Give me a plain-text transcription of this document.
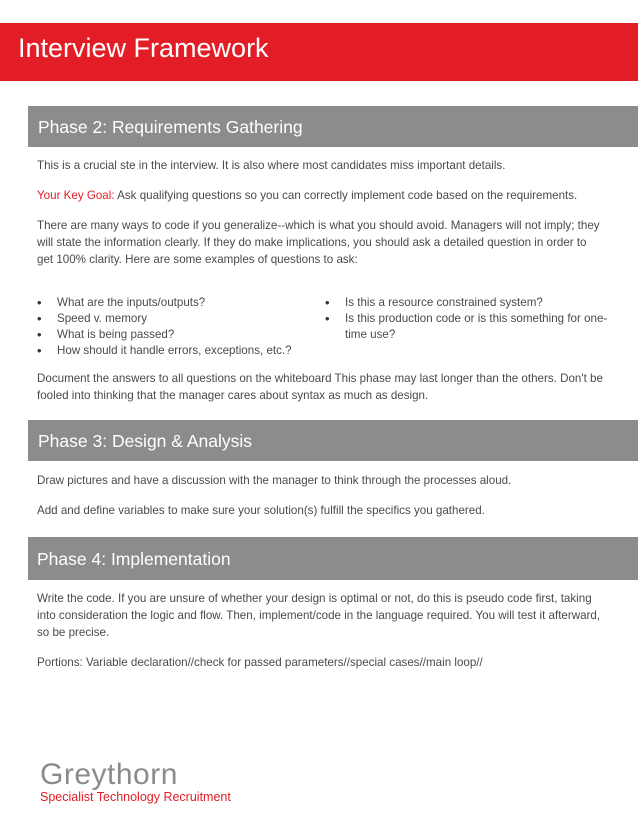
Interview Framework
Phase 2: Requirements Gathering

This is a crucial ste in the interview. It is also where most candidates miss important details.

Your Key Goal: Ask qualifying questions so you can correctly implement code based on the requirements.

There are many ways to code if you generalize--which is what you should avoid. Managers will not imply; they will state the information clearly. If they do make implications, you should ask a detailed question in order to get 100% clarity. Here are some examples of questions to ask:

• What are the inputs/outputs?
• Speed v. memory
• What is being passed?
• How should it handle errors, exceptions, etc.?
• Is this a resource constrained system?
• Is this production code or is this something for one-time use?
Document the answers to all questions on the whiteboard This phase may last longer than the others. Don't be fooled into thinking that the manager cares about syntax as much as design.
Phase 3: Design & Analysis

Draw pictures and have a discussion with the manager to think through the processes aloud.

Add and define variables to make sure your solution(s) fulfill the specifics you gathered.

Phase 4: Implementation

Write the code. If you are unsure of whether your design is optimal or not, do this is pseudo code first, taking into consideration the logic and flow. Then, implement/code in the language required. You will test it afterward, so be precise.

Portions: Variable declaration//check for passed parameters//special cases//main loop//

Greythorn
Specialist Technology Recruitment
